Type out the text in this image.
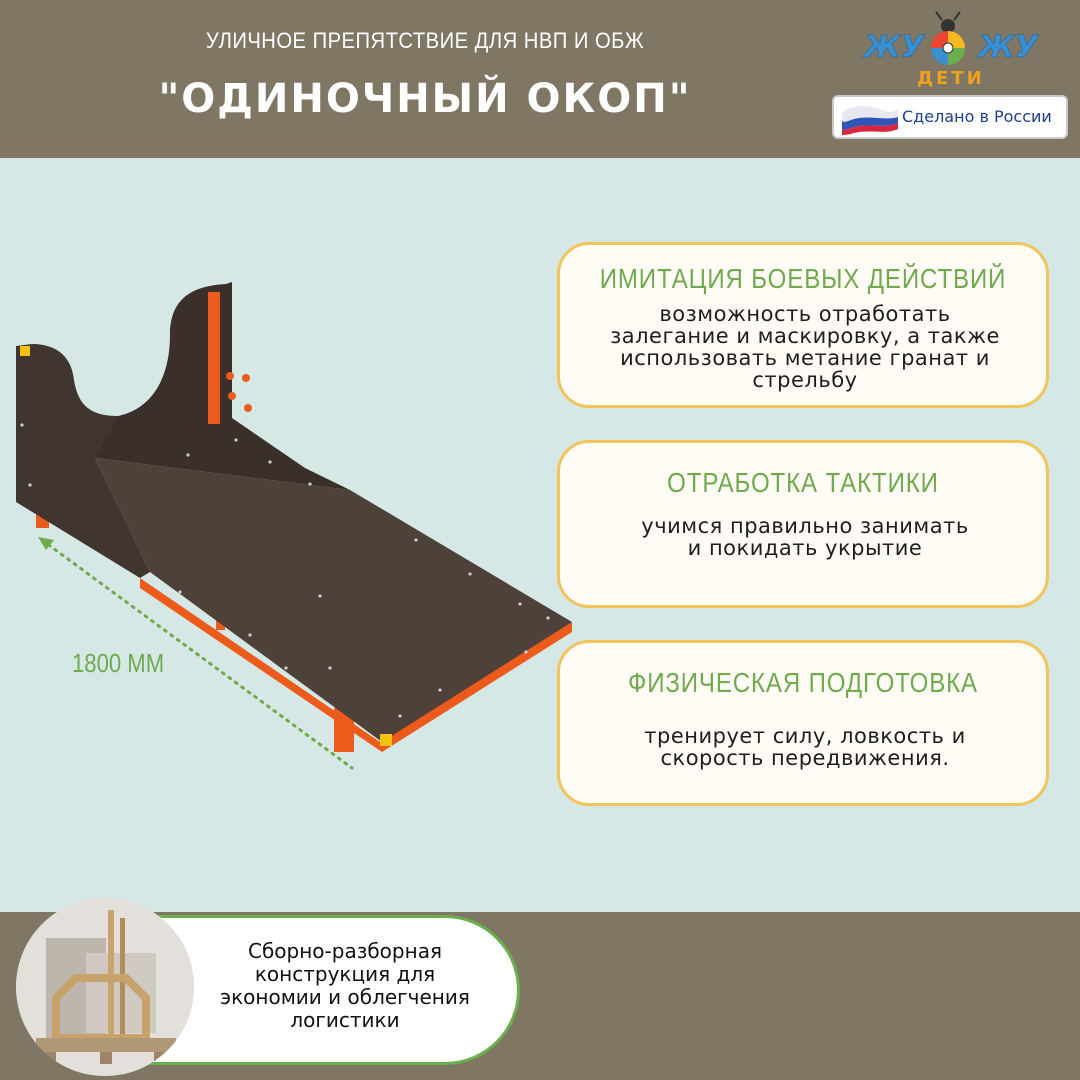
УЛИЧНОЕ ПРЕПЯТСТВИЕ ДЛЯ НВП И ОБЖ
"ОДИНОЧНЫЙ ОКОП"
ЖУ ЖУ
ДЕТИ
Сделано в России
1800 ММ
ИМИТАЦИЯ БОЕВЫХ ДЕЙСТВИЙ
возможность отработать
залегание и маскировку, а также
использовать метание гранат и
стрельбу
ОТРАБОТКА ТАКТИКИ
учимся правильно занимать
и покидать укрытие
ФИЗИЧЕСКАЯ ПОДГОТОВКА
тренирует силу, ловкость и
скорость передвижения.
Сборно-разборная
конструкция для
экономии и облегчения
логистики
